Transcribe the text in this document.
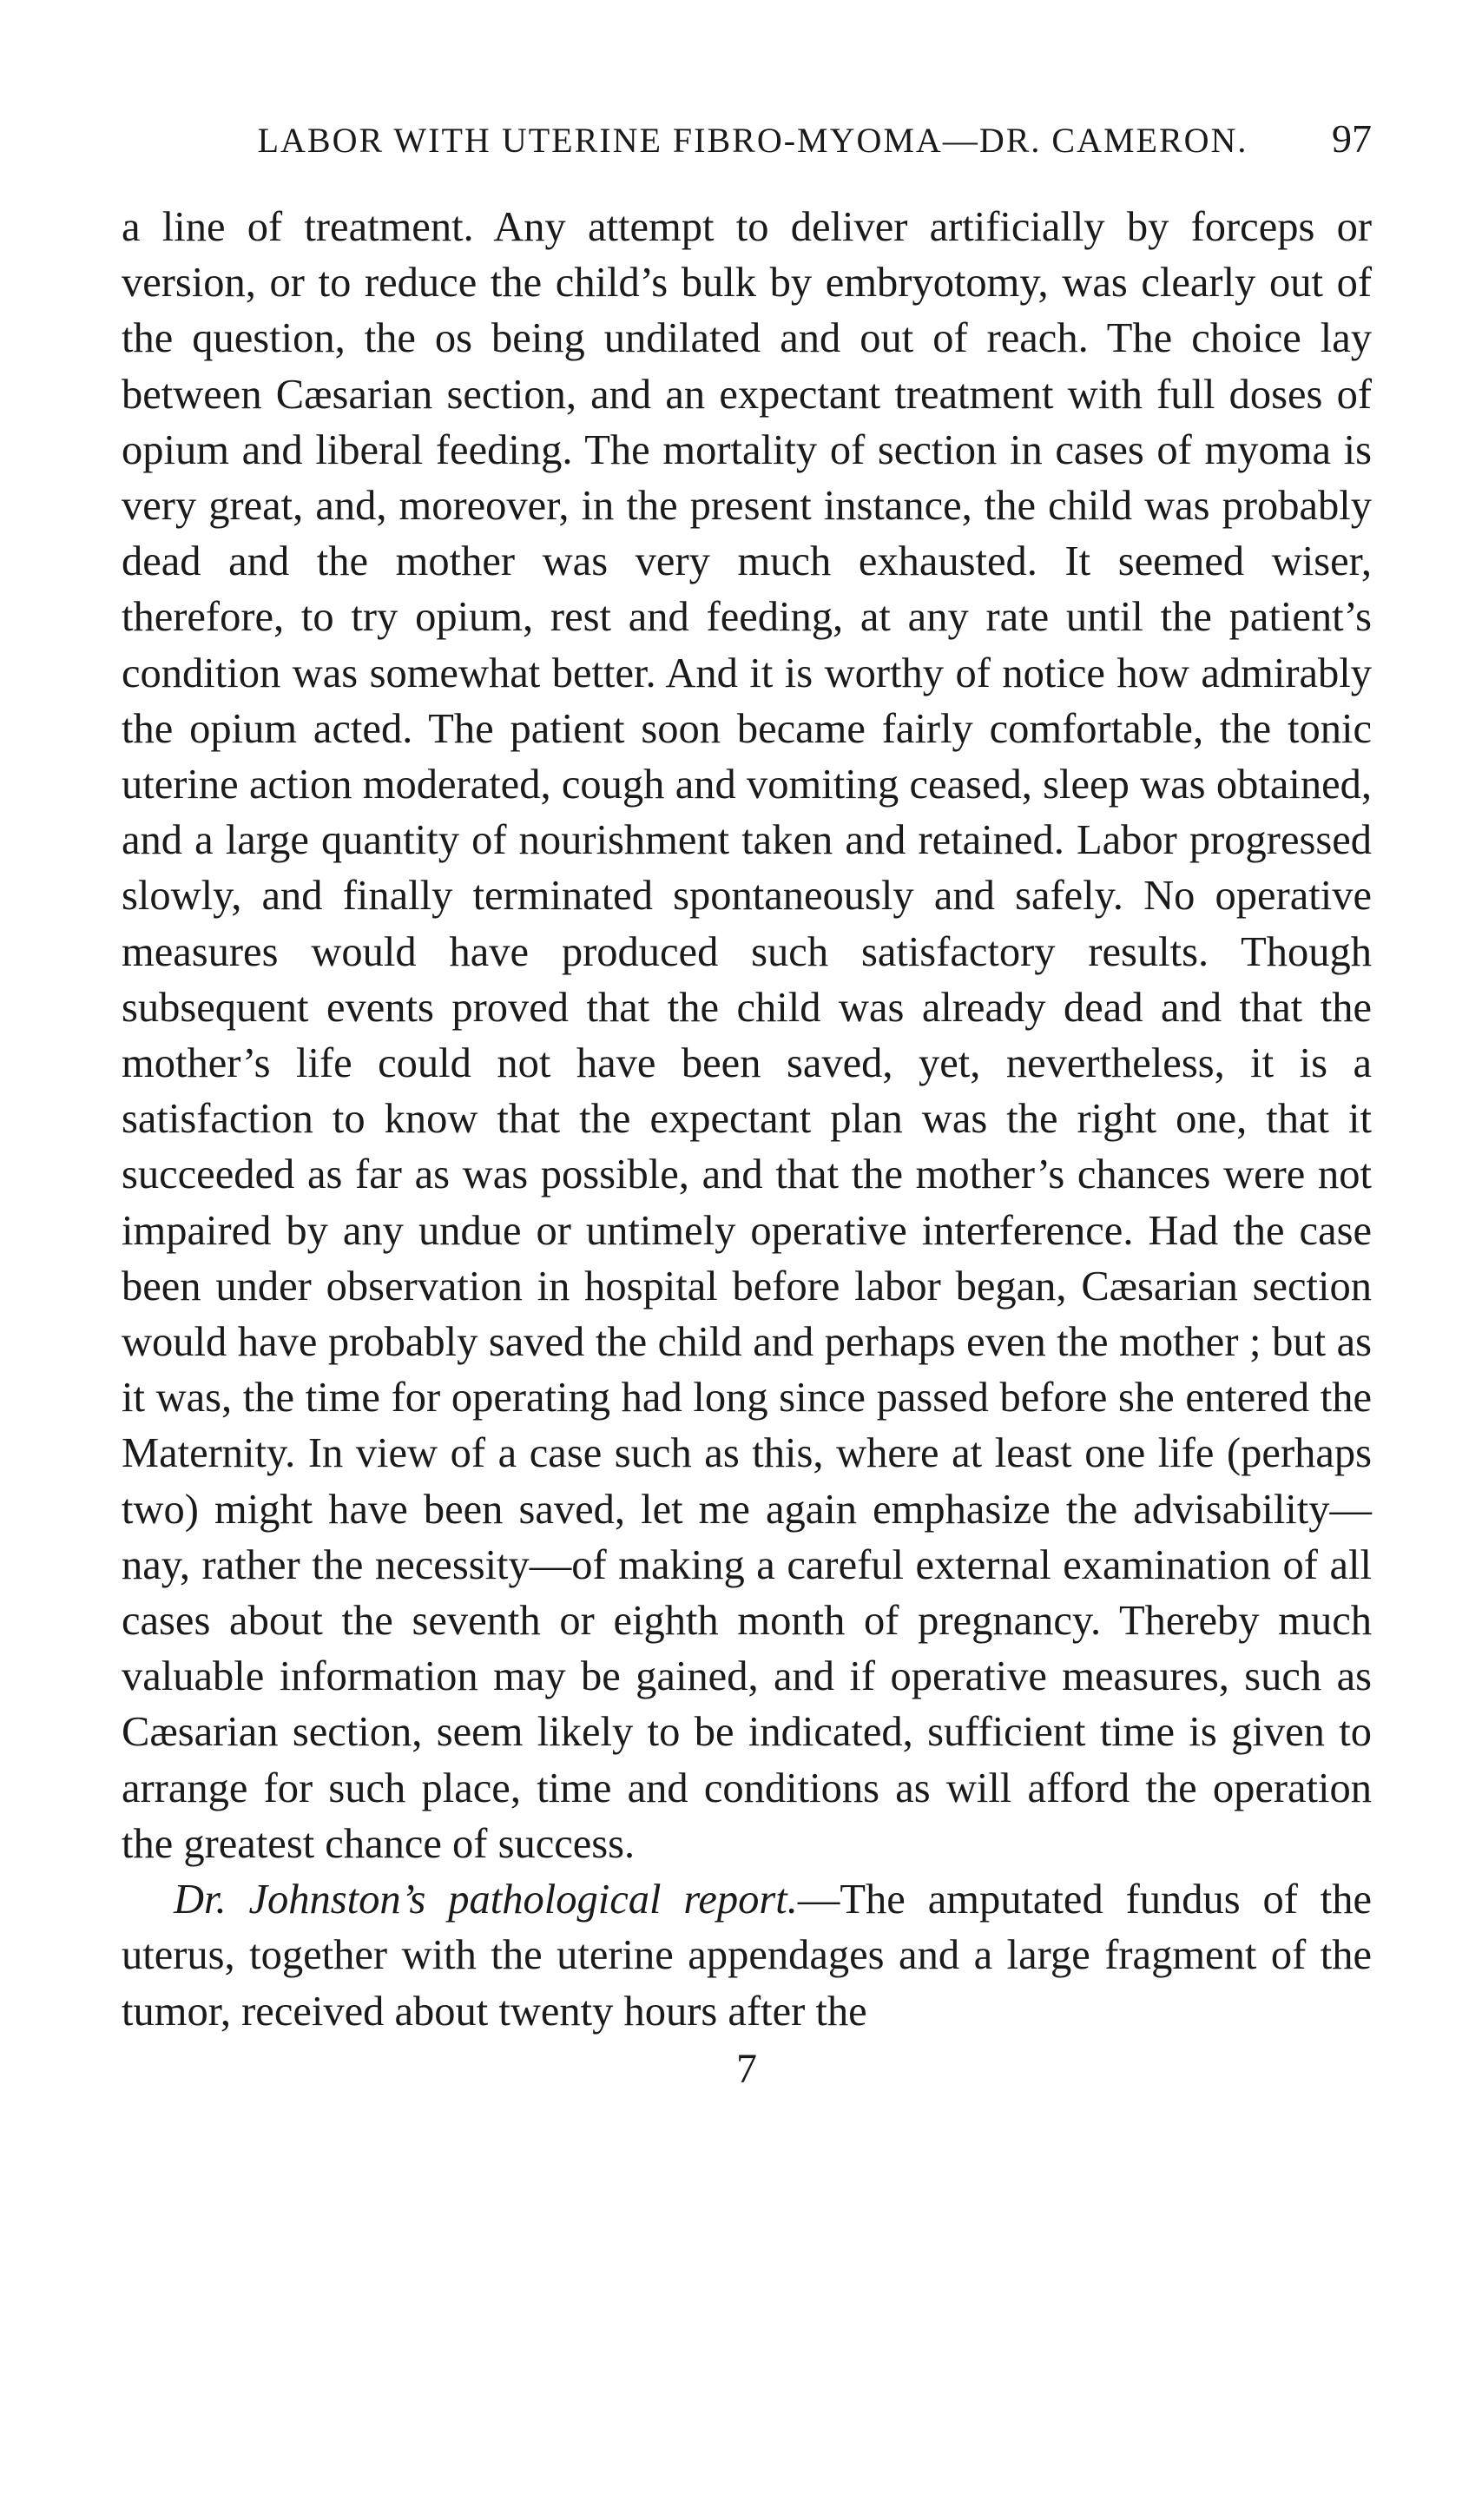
LABOR WITH UTERINE FIBRO-MYOMA—DR. CAMERON.	97

a line of treatment. Any attempt to deliver artificially by forceps or version, or to reduce the child’s bulk by embryotomy, was clearly out of the question, the os being undilated and out of reach. The choice lay between Cæsarian section, and an expectant treatment with full doses of opium and liberal feeding. The mortality of section in cases of myoma is very great, and, moreover, in the present instance, the child was probably dead and the mother was very much exhausted. It seemed wiser, therefore, to try opium, rest and feeding, at any rate until the patient’s condition was somewhat better. And it is worthy of notice how admirably the opium acted. The patient soon became fairly comfortable, the tonic uterine action moderated, cough and vomiting ceased, sleep was obtained, and a large quantity of nourishment taken and retained. Labor progressed slowly, and finally terminated spontaneously and safely. No operative measures would have produced such satisfactory results. Though subsequent events proved that the child was already dead and that the mother’s life could not have been saved, yet, nevertheless, it is a satisfaction to know that the expectant plan was the right one, that it succeeded as far as was possible, and that the mother’s chances were not impaired by any undue or untimely operative interference. Had the case been under observation in hospital before labor began, Cæsarian section would have probably saved the child and perhaps even the mother ; but as it was, the time for operating had long since passed before she entered the Maternity. In view of a case such as this, where at least one life (perhaps two) might have been saved, let me again emphasize the advisability—nay, rather the necessity—of making a careful external examination of all cases about the seventh or eighth month of pregnancy. Thereby much valuable information may be gained, and if operative measures, such as Cæsarian section, seem likely to be indicated, sufficient time is given to arrange for such place, time and conditions as will afford the operation the greatest chance of success.

Dr. Johnston’s pathological report.—The amputated fundus of the uterus, together with the uterine appendages and a large fragment of the tumor, received about twenty hours after the

7
